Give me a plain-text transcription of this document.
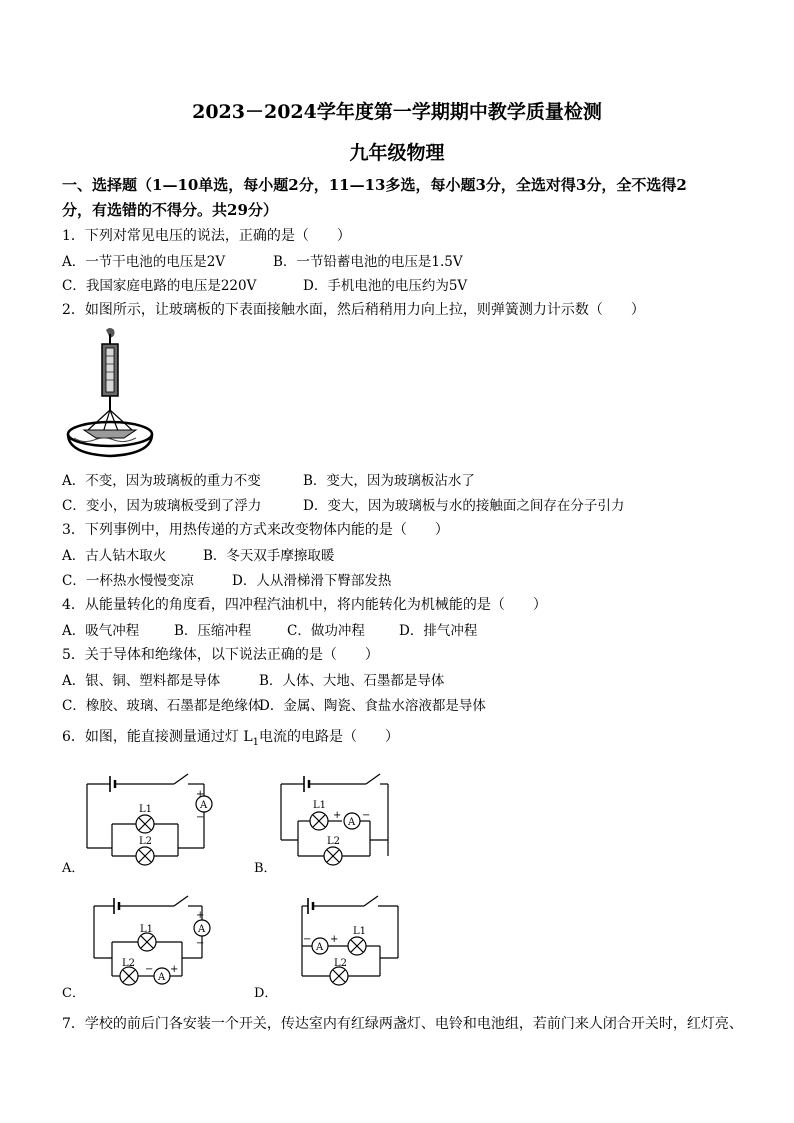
2023－2024学年度第一学期期中教学质量检测
九年级物理
一、选择题（1—10单选，每小题2分，11—13多选，每小题3分，全选对得3分，全不选得2
分，有选错的不得分。共29分）
1．下列对常见电压的说法，正确的是（　　）
A．一节干电池的电压是2V	B．一节铅蓄电池的电压是1.5V
C．我国家庭电路的电压是220V	D．手机电池的电压约为5V
2．如图所示，让玻璃板的下表面接触水面，然后稍稍用力向上拉，则弹簧测力计示数（　　）
A．不变，因为玻璃板的重力不变	B．变大，因为玻璃板沾水了
C．变小，因为玻璃板受到了浮力	D．变大，因为玻璃板与水的接触面之间存在分子引力
3．下列事例中，用热传递的方式来改变物体内能的是（　　）
A．古人钻木取火	B．冬天双手摩擦取暖
C．一杯热水慢慢变凉	D．人从滑梯滑下臀部发热
4．从能量转化的角度看，四冲程汽油机中，将内能转化为机械能的是（　　）
A．吸气冲程	B．压缩冲程	C．做功冲程	D．排气冲程
5．关于导体和绝缘体，以下说法正确的是（　　）
A．银、铜、塑料都是导体	B．人体、大地、石墨都是导体
C．橡胶、玻璃、石墨都是绝缘体
D．金属、陶瓷、食盐水溶液都是导体
6．如图，能直接测量通过灯 $L_1$电流的电路是（　　）
A
+
−
L1
L2
A．
A
+ −
L1
L2
B．
A
+
−
L1
L2
A
− +
C．
A
− +
L1
L2
D．
7．学校的前后门各安装一个开关，传达室内有红绿两盏灯、电铃和电池组，若前门来人闭合开关时，红灯亮、
